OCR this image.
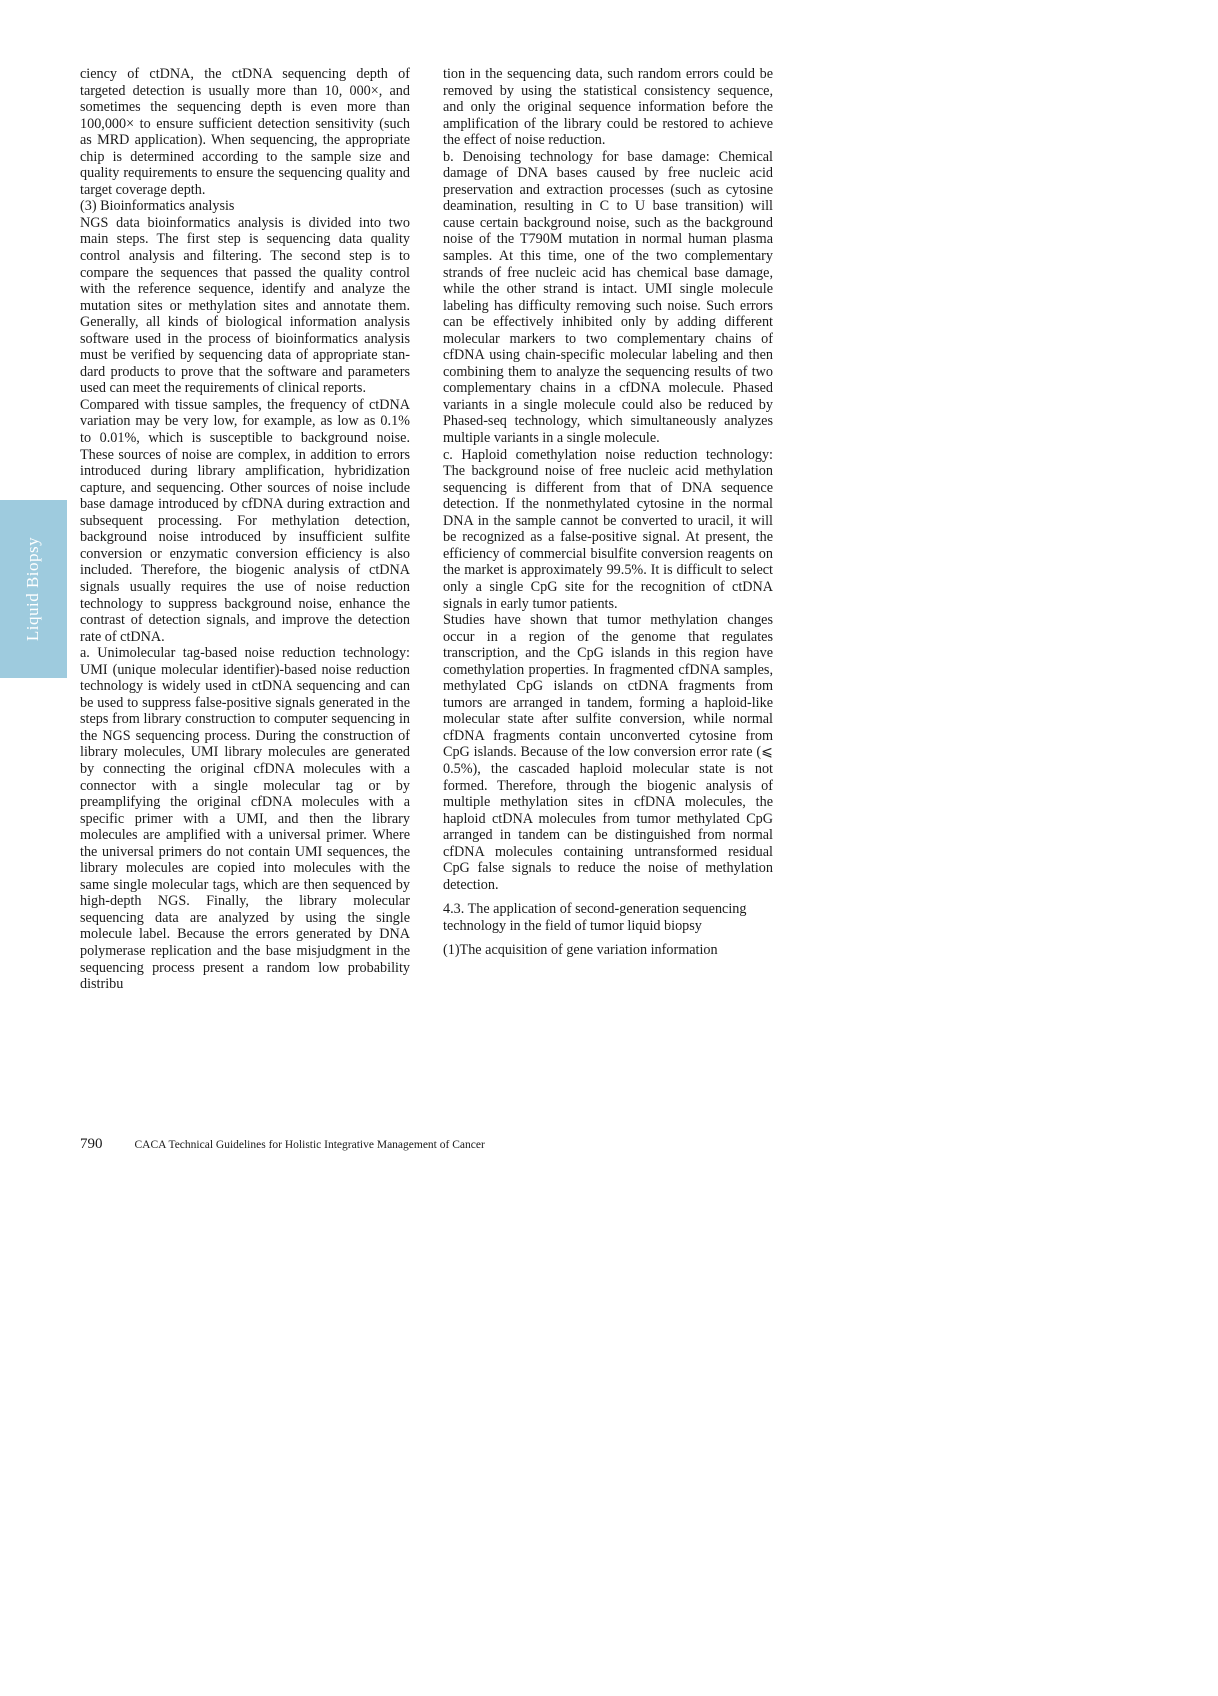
Liquid Biopsy

ciency of ctDNA, the ctDNA sequencing depth of targeted detection is usually more than 10, 000×, and sometimes the sequencing depth is even more than 100,000× to ensure sufficient detection sensitivity (such as MRD application). When sequencing, the appropriate chip is determined according to the sample size and quality requirements to ensure the sequencing quality and target coverage depth.

(3) Bioinformatics analysis

NGS data bioinformatics analysis is divided into two main steps. The first step is sequencing data quality control analysis and filtering. The second step is to compare the sequences that passed the quality control with the reference sequence, identify and analyze the mutation sites or methylation sites and annotate them. Generally, all kinds of biological information analysis software used in the process of bioinformatics analysis must be verified by sequencing data of appropriate standard products to prove that the software and parameters used can meet the requirements of clinical reports.

Compared with tissue samples, the frequency of ctDNA variation may be very low, for example, as low as 0.1% to 0.01%, which is susceptible to background noise. These sources of noise are complex, in addition to errors introduced during library amplification, hybridization capture, and sequencing. Other sources of noise include base damage introduced by cfDNA during extraction and subsequent processing. For methylation detection, background noise introduced by insufficient sulfite conversion or enzymatic conversion efficiency is also included. Therefore, the biogenic analysis of ctDNA signals usually requires the use of noise reduction technology to suppress background noise, enhance the contrast of detection signals, and improve the detection rate of ctDNA.

a. Unimolecular tag-based noise reduction technology: UMI (unique molecular identifier)-based noise reduction technology is widely used in ctDNA sequencing and can be used to suppress false-positive signals generated in the steps from library construction to computer sequencing in the NGS sequencing process. During the construction of library molecules, UMI library molecules are generated by connecting the original cfDNA molecules with a connector with a single molecular tag or by preamplifying the original cfDNA molecules with a specific primer with a UMI, and then the library molecules are amplified with a universal primer. Where the universal primers do not contain UMI sequences, the library molecules are copied into molecules with the same single molecular tags, which are then sequenced by high-depth NGS. Finally, the library molecular sequencing data are analyzed by using the single molecule label. Because the errors generated by DNA polymerase replication and the base misjudgment in the sequencing process present a random low probability distribu

tion in the sequencing data, such random errors could be removed by using the statistical consistency sequence, and only the original sequence information before the amplification of the library could be restored to achieve the effect of noise reduction.

b. Denoising technology for base damage: Chemical damage of DNA bases caused by free nucleic acid preservation and extraction processes (such as cytosine deamination, resulting in C to U base transition) will cause certain background noise, such as the background noise of the T790M mutation in normal human plasma samples. At this time, one of the two complementary strands of free nucleic acid has chemical base damage, while the other strand is intact. UMI single molecule labeling has difficulty removing such noise. Such errors can be effectively inhibited only by adding different molecular markers to two complementary chains of cfDNA using chain-specific molecular labeling and then combining them to analyze the sequencing results of two complementary chains in a cfDNA molecule. Phased variants in a single molecule could also be reduced by Phased-seq technology, which simultaneously analyzes multiple variants in a single molecule.

c. Haploid comethylation noise reduction technology: The background noise of free nucleic acid methylation sequencing is different from that of DNA sequence detection. If the nonmethylated cytosine in the normal DNA in the sample cannot be converted to uracil, it will be recognized as a false-positive signal. At present, the efficiency of commercial bisulfite conversion reagents on the market is approximately 99.5%. It is difficult to select only a single CpG site for the recognition of ctDNA signals in early tumor patients.

Studies have shown that tumor methylation changes occur in a region of the genome that regulates transcription, and the CpG islands in this region have comethylation properties. In fragmented cfDNA samples, methylated CpG islands on ctDNA fragments from tumors are arranged in tandem, forming a haploid-like molecular state after sulfite conversion, while normal cfDNA fragments contain unconverted cytosine from CpG islands. Because of the low conversion error rate (⩽ 0.5%), the cascaded haploid molecular state is not formed. Therefore, through the biogenic analysis of multiple methylation sites in cfDNA molecules, the haploid ctDNA molecules from tumor methylated CpG arranged in tandem can be distinguished from normal cfDNA molecules containing untransformed residual CpG false signals to reduce the noise of methylation detection.

4.3. The application of second-generation sequencing technology in the field of tumor liquid biopsy

(1)The acquisition of gene variation information

790	CACA Technical Guidelines for Holistic Integrative Management of Cancer
